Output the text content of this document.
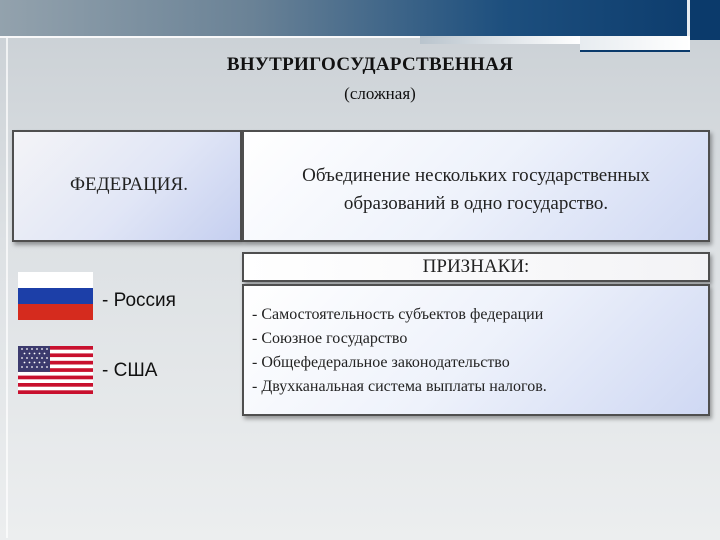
ВНУТРИГОСУДАРСТВЕННАЯ
(сложная)
ФЕДЕРАЦИЯ.	Объединение нескольких государственных
образований в одно государство.
ПРИЗНАКИ:
- Самостоятельность субъектов федерации
- Союзное государство
- Общефедеральное законодательство
- Двухканальная система выплаты налогов.
- Россия
- США
